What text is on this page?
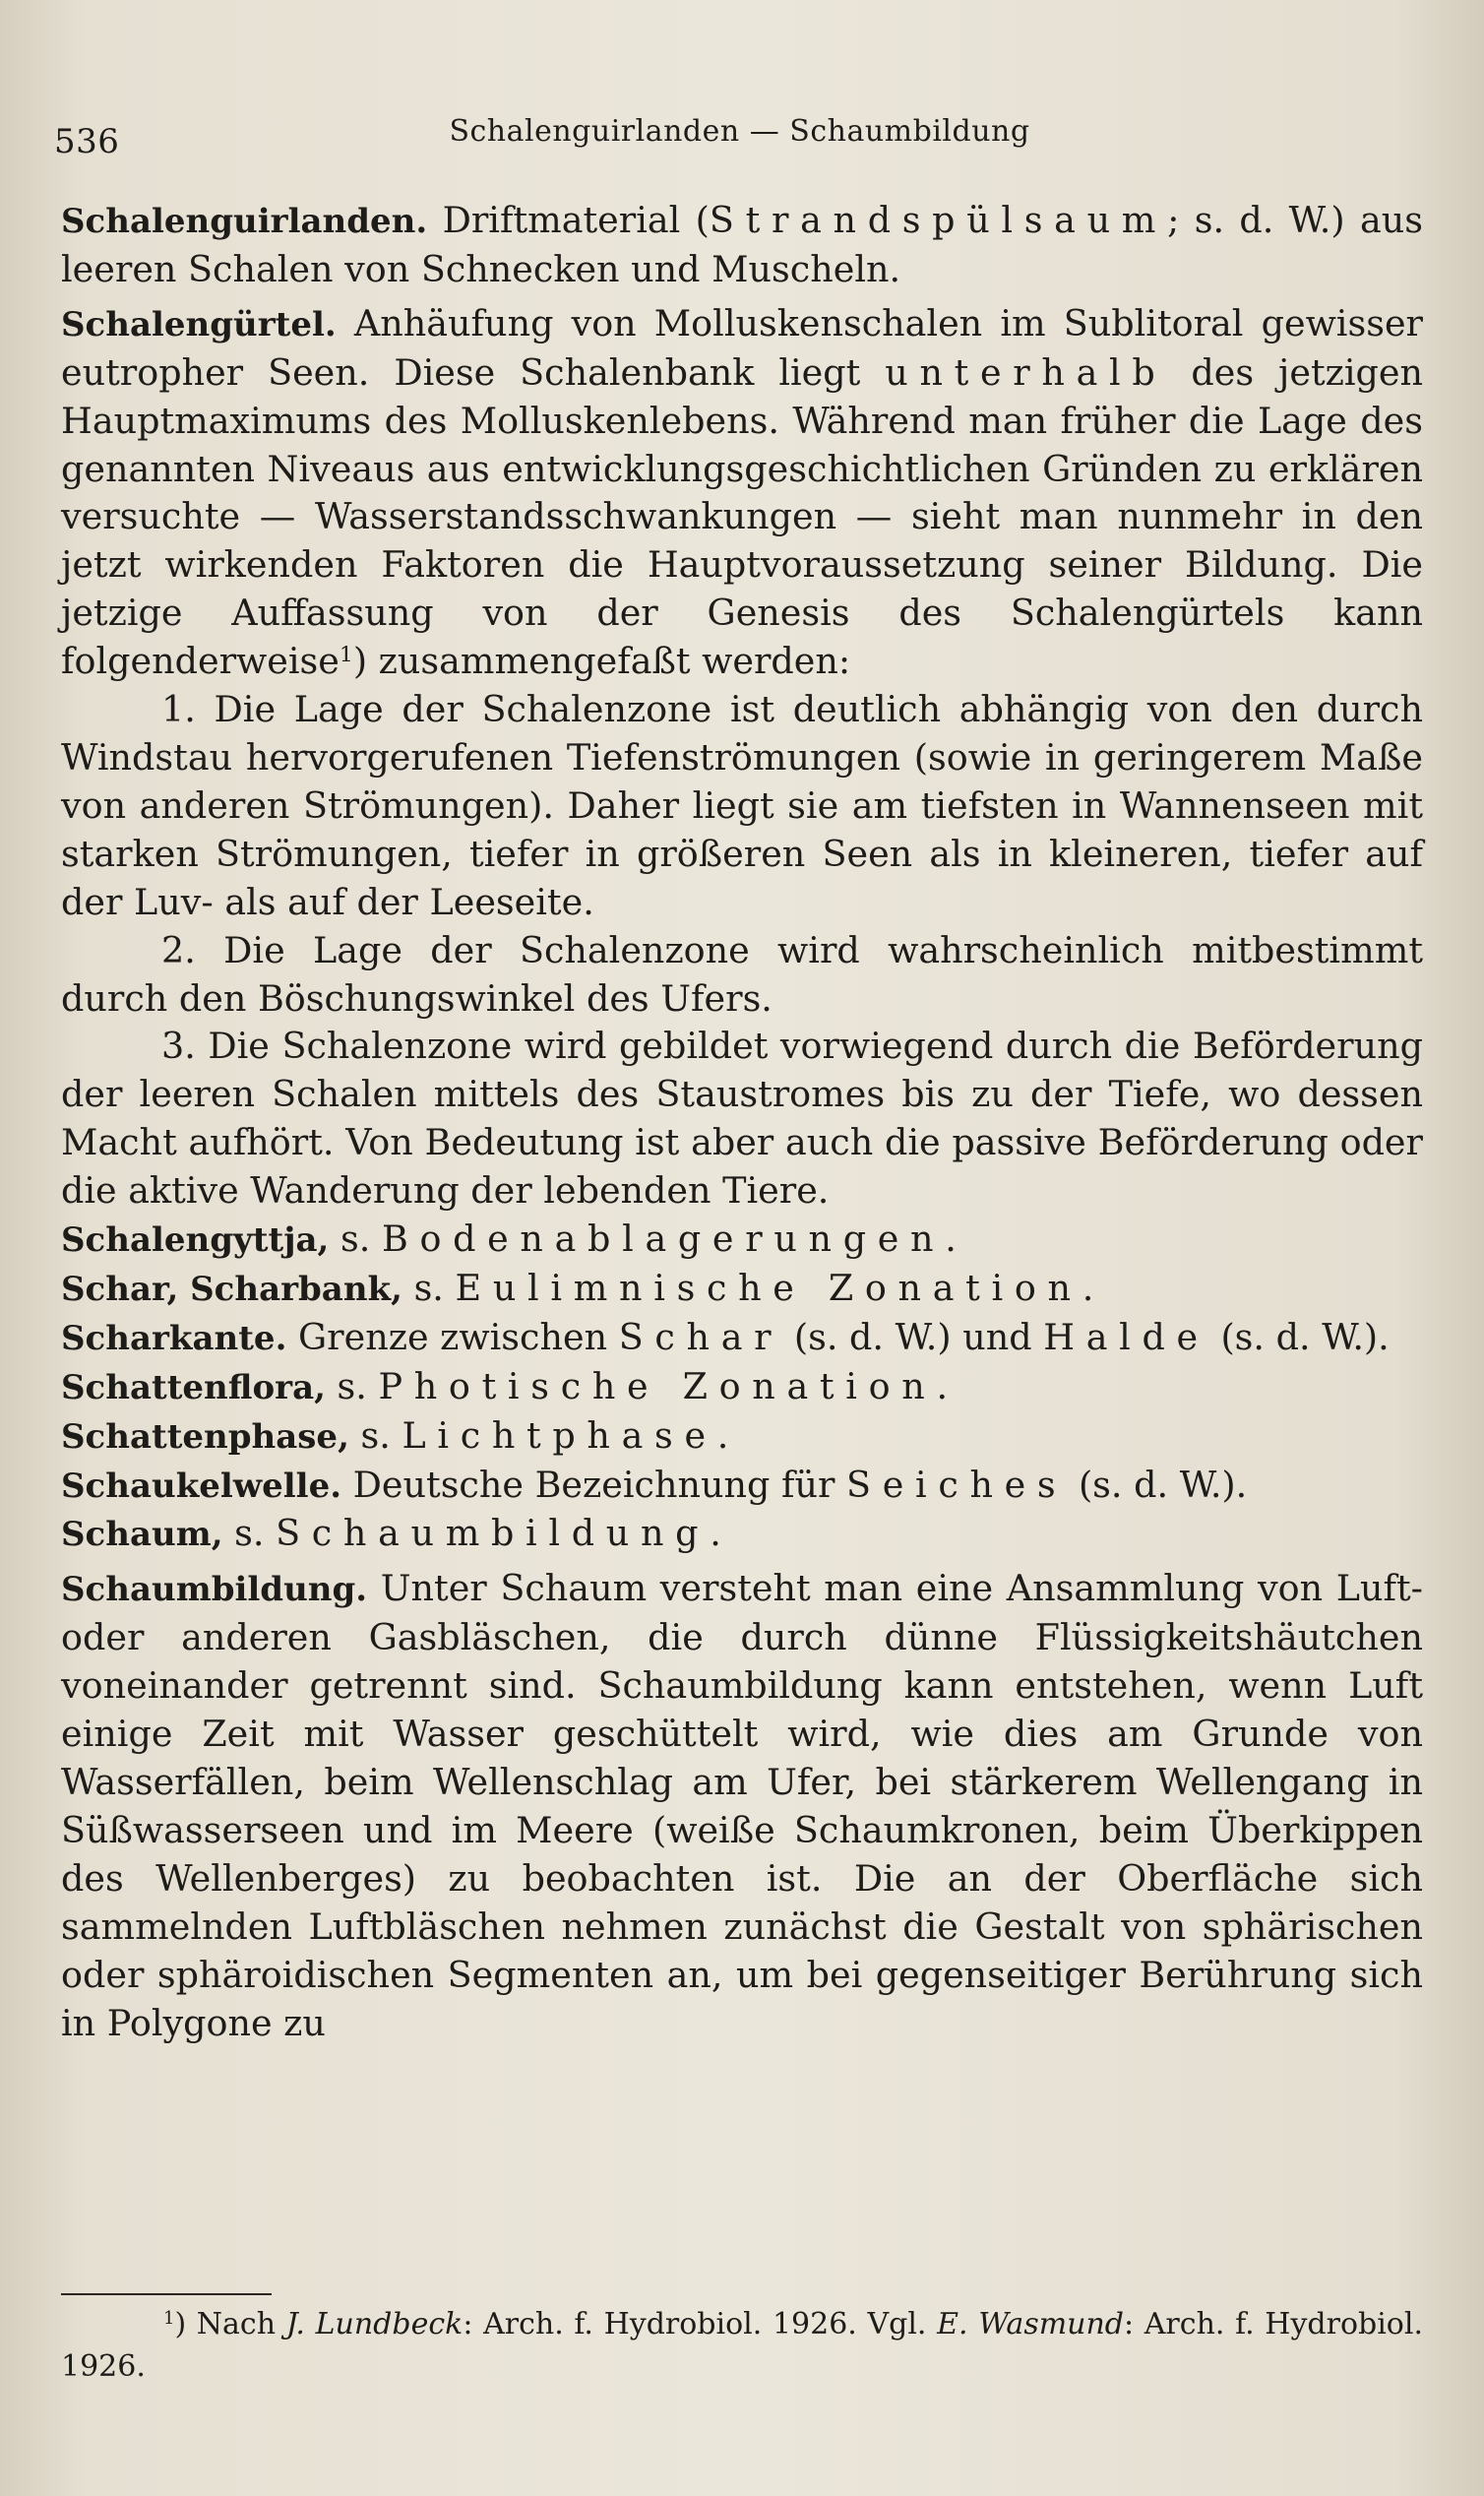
536	Schalenguirlanden — Schaumbildung

Schalenguirlanden. Driftmaterial (Strandspülsaum; s. d. W.) aus leeren Schalen von Schnecken und Muscheln.

Schalengürtel. Anhäufung von Molluskenschalen im Sublitoral gewisser eutropher Seen. Diese Schalenbank liegt unterhalb des jetzigen Hauptmaximums des Molluskenlebens. Während man früher die Lage des genannten Niveaus aus entwicklungsgeschichtlichen Gründen zu erklären versuchte — Wasserstandsschwankungen — sieht man nunmehr in den jetzt wirkenden Faktoren die Hauptvoraussetzung seiner Bildung. Die jetzige Auffassung von der Genesis des Schalengürtels kann folgenderweise$^1$) zusammengefaßt werden:

1. Die Lage der Schalenzone ist deutlich abhängig von den durch Windstau hervorgerufenen Tiefenströmungen (sowie in geringerem Maße von anderen Strömungen). Daher liegt sie am tiefsten in Wannenseen mit starken Strömungen, tiefer in größeren Seen als in kleineren, tiefer auf der Luv- als auf der Leeseite.

2. Die Lage der Schalenzone wird wahrscheinlich mitbestimmt durch den Böschungswinkel des Ufers.

3. Die Schalenzone wird gebildet vorwiegend durch die Beförderung der leeren Schalen mittels des Staustromes bis zu der Tiefe, wo dessen Macht aufhört. Von Bedeutung ist aber auch die passive Beförderung oder die aktive Wanderung der lebenden Tiere.

Schalengyttja, s. Bodenablagerungen.

Schar, Scharbank, s. Eulimnische Zonation.

Scharkante. Grenze zwischen Schar (s. d. W.) und Halde (s. d. W.).

Schattenflora, s. Photische Zonation.

Schattenphase, s. Lichtphase.

Schaukelwelle. Deutsche Bezeichnung für Seiches (s. d. W.).

Schaum, s. Schaumbildung.

Schaumbildung. Unter Schaum versteht man eine Ansammlung von Luft- oder anderen Gasbläschen, die durch dünne Flüssigkeitshäutchen voneinander getrennt sind. Schaumbildung kann entstehen, wenn Luft einige Zeit mit Wasser geschüttelt wird, wie dies am Grunde von Wasserfällen, beim Wellenschlag am Ufer, bei stärkerem Wellengang in Süßwasserseen und im Meere (weiße Schaumkronen, beim Überkippen des Wellenberges) zu beobachten ist. Die an der Oberfläche sich sammelnden Luftbläschen nehmen zunächst die Gestalt von sphärischen oder sphäroidischen Segmenten an, um bei gegenseitiger Berührung sich in Polygone zu

$^1$) Nach J. Lundbeck: Arch. f. Hydrobiol. 1926. Vgl. E. Wasmund: Arch. f. Hydrobiol. 1926.
